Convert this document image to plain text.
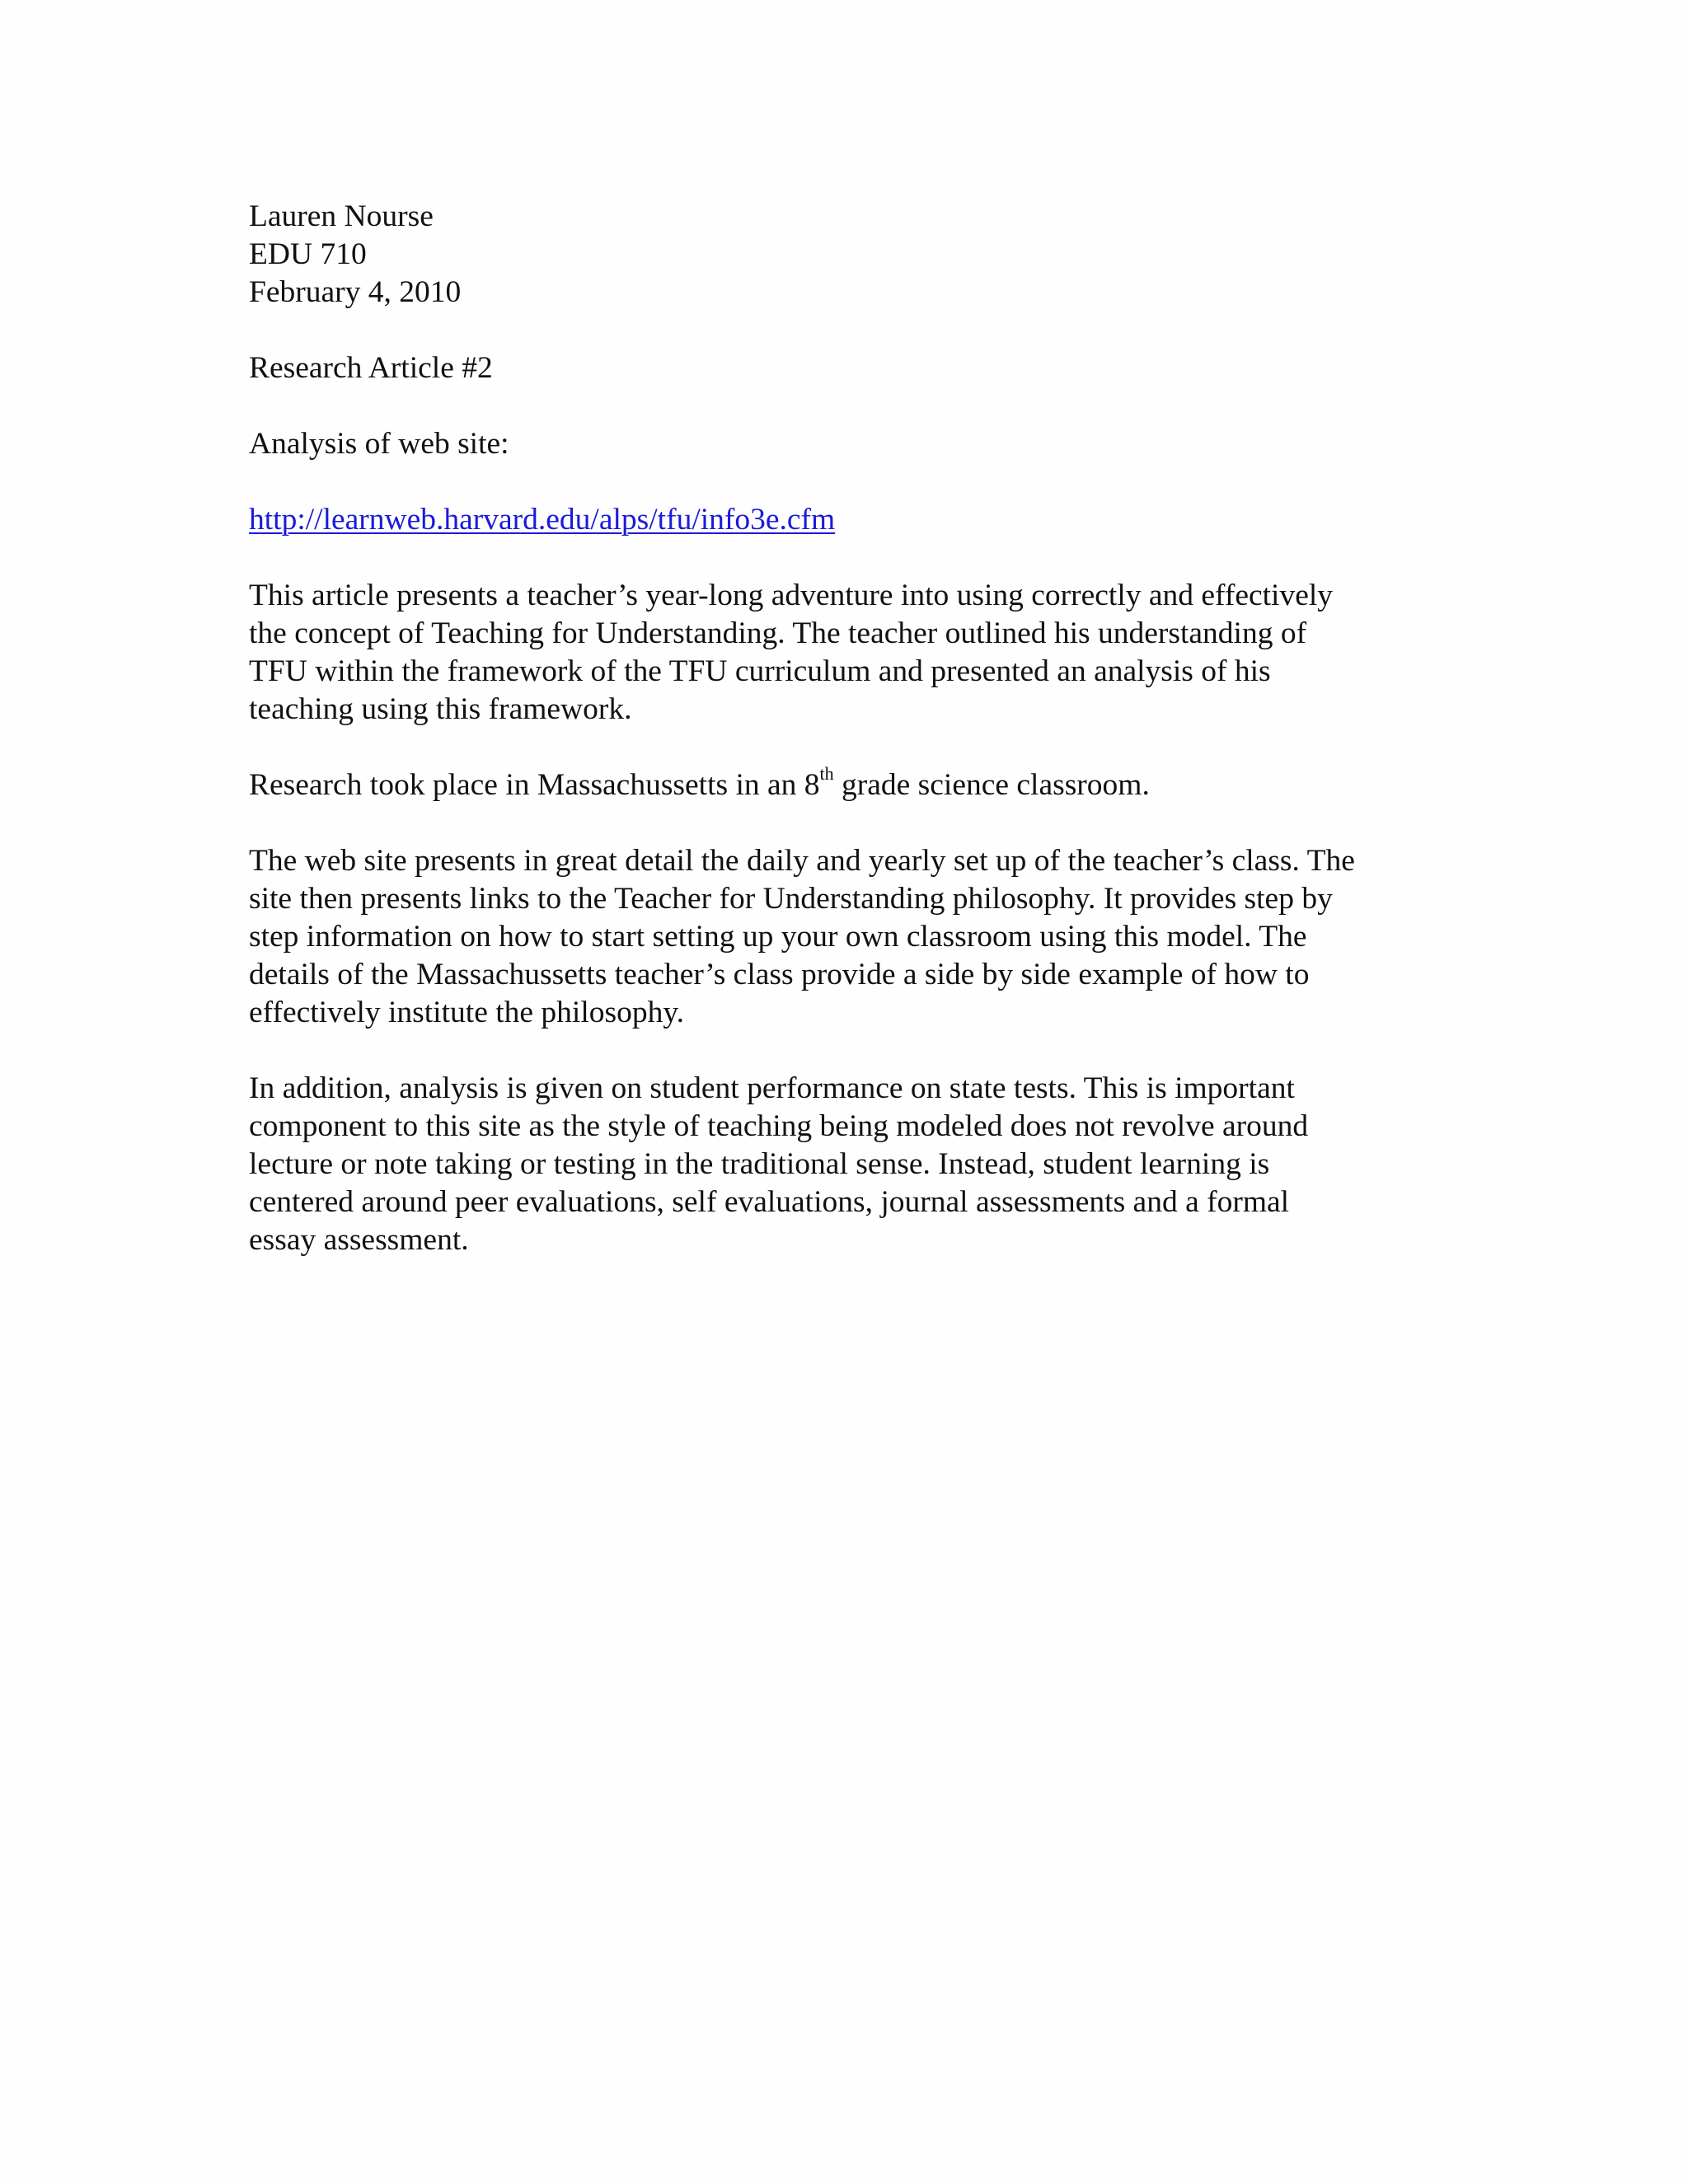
Lauren Nourse
EDU 710
February 4, 2010
Research Article #2
Analysis of web site:
http://learnweb.harvard.edu/alps/tfu/info3e.cfm

This article presents a teacher’s year-long adventure into using correctly and effectively
the concept of Teaching for Understanding. The teacher outlined his understanding of
TFU within the framework of the TFU curriculum and presented an analysis of his
teaching using this framework.

Research took place in Massachussetts in an 8th grade science classroom.

The web site presents in great detail the daily and yearly set up of the teacher’s class. The
site then presents links to the Teacher for Understanding philosophy. It provides step by
step information on how to start setting up your own classroom using this model. The
details of the Massachussetts teacher’s class provide a side by side example of how to
effectively institute the philosophy.

In addition, analysis is given on student performance on state tests. This is important
component to this site as the style of teaching being modeled does not revolve around
lecture or note taking or testing in the traditional sense. Instead, student learning is
centered around peer evaluations, self evaluations, journal assessments and a formal
essay assessment.
